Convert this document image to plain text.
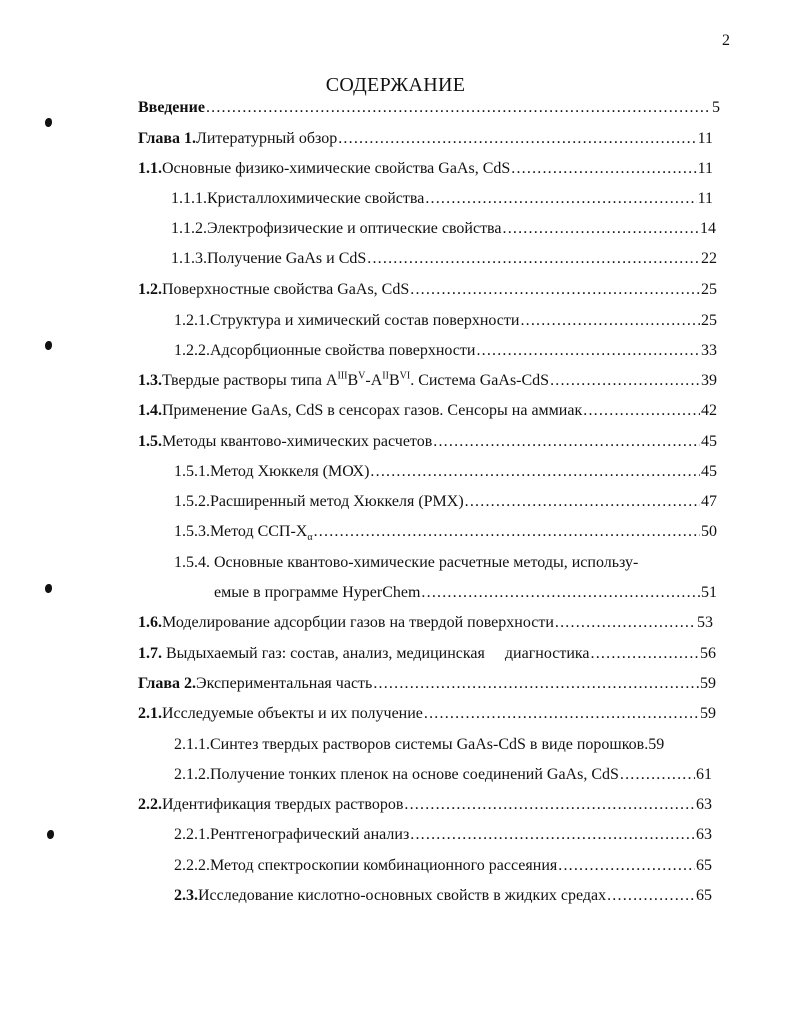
2
СОДЕРЖАНИЕ
Введение .....	5
Глава 1. Литературный обзор .....	11
1.1. Основные физико-химические свойства GaAs, CdS .....	11
1.1.1. Кристаллохимические свойства .....	11
1.1.2. Электрофизические и оптические свойства .....	14
1.1.3. Получение GaAs и CdS .....	22
1.2. Поверхностные свойства GaAs, CdS .....	25
1.2.1. Структура и химический состав поверхности .....	25
1.2.2. Адсорбционные свойства поверхности .....	33
1.3. Твердые растворы типа $A^{III}B^V-A^{II}B^{VI}$. Система GaAs-CdS .....	39
1.4. Применение GaAs, CdS в сенсорах газов. Сенсоры на аммиак .....	42
1.5. Методы квантово-химических расчетов .....	45
1.5.1. Метод Хюккеля (МОХ) .....	45
1.5.2. Расширенный метод Хюккеля (РМХ) .....	47
1.5.3. Метод ССП-$X_\alpha$ .....	50
1.5.4. Основные квантово-химические расчетные методы, использу-
емые в программе HyperChem .....	51
1.6. Моделирование адсорбции газов на твердой поверхности .....	53
1.7. Выдыхаемый газ: состав, анализ, медицинская     диагностика .....	56
Глава 2. Экспериментальная часть .....	59
2.1. Исследуемые объекты и их получение .....	59
2.1.1. Синтез твердых растворов системы GaAs-CdS в виде порошков. 59
2.1.2. Получение тонких пленок на основе соединений GaAs, CdS .....	61
2.2. Идентификация твердых растворов .....	63
2.2.1. Рентгенографический анализ .....	63
2.2.2. Метод спектроскопии комбинационного рассеяния .....	65
2.3. Исследование кислотно-основных свойств в жидких средах .....	65
